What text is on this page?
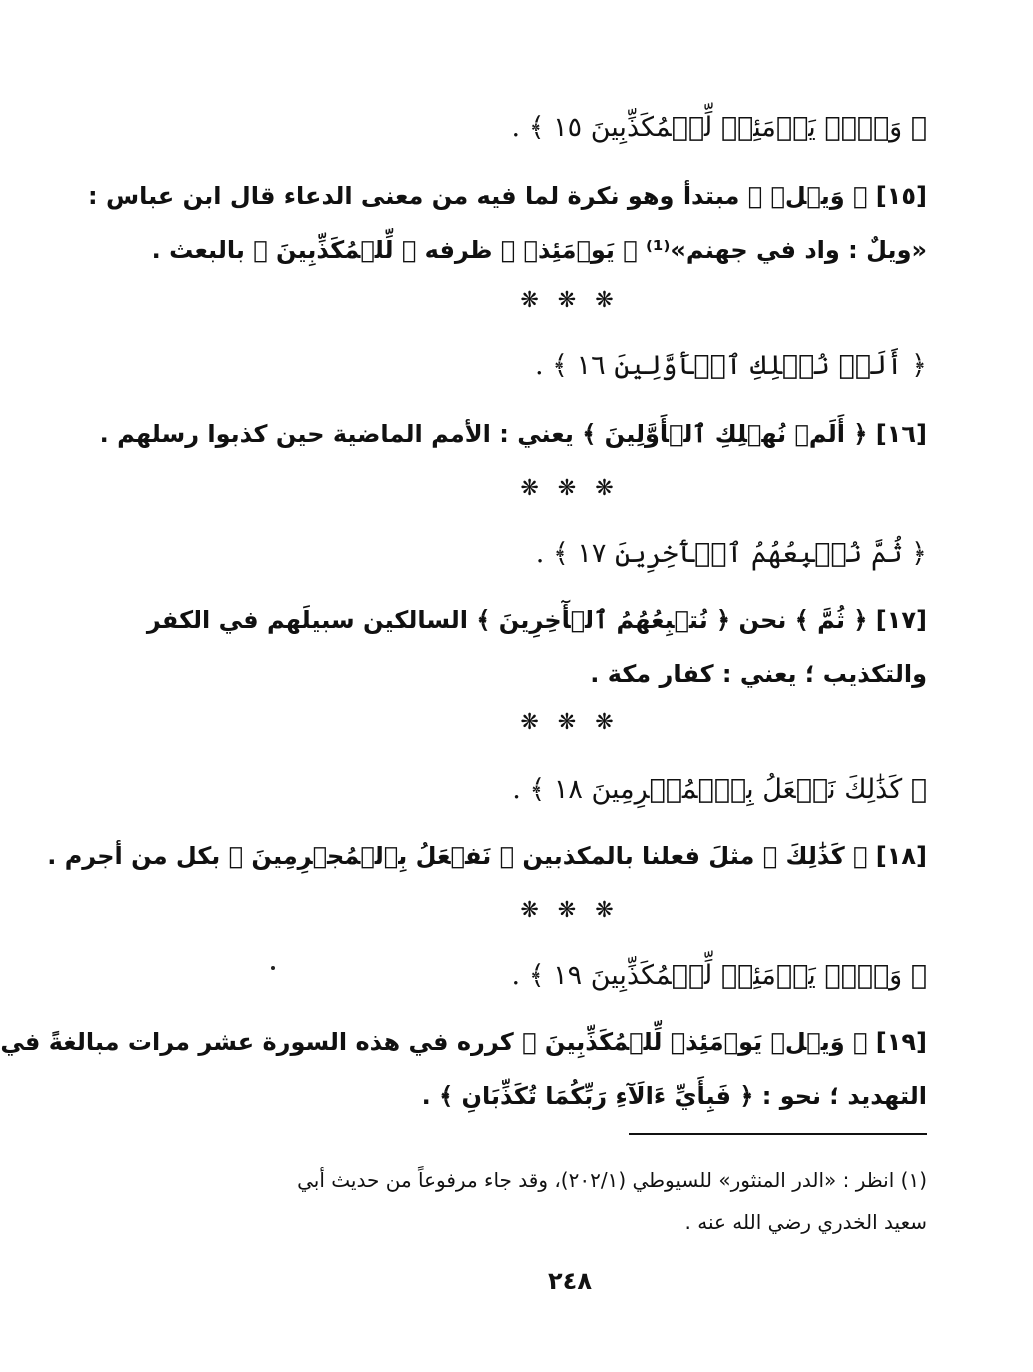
﴿ وَيۡلٞ يَوۡمَئِذٖ لِّلۡمُكَذِّبِينَ ١٥ ﴾ .
[١٥] ﴿ وَيۡلٞ ﴾ مبتدأ وهو نكرة لما فيه من معنى الدعاء قال ابن عباس :
«ويلٌ : واد في جهنم»⁽¹⁾ ﴿ يَوۡمَئِذٖ ﴾ ظرفه ﴿ لِّلۡمُكَذِّبِينَ ﴾ بالبعث .
❋ ❋ ❋
﴿ أَلَمۡ نُهۡلِكِ ٱلۡأَوَّلِينَ ١٦ ﴾ .
[١٦] ﴿ أَلَمۡ نُهۡلِكِ ٱلۡأَوَّلِينَ ﴾ يعني : الأمم الماضية حين كذبوا رسلهم .
❋ ❋ ❋
﴿ ثُمَّ نُتۡبِعُهُمُ ٱلۡأٓخِرِينَ ١٧ ﴾ .
[١٧] ﴿ ثُمَّ ﴾ نحن ﴿ نُتۡبِعُهُمُ ٱلۡأٓخِرِينَ ﴾ السالكين سبيلَهم في الكفر
والتكذيب ؛ يعني : كفار مكة .
❋ ❋ ❋
﴿ كَذَٰلِكَ نَفۡعَلُ بِٱلۡمُجۡرِمِينَ ١٨ ﴾ .
[١٨] ﴿ كَذَٰلِكَ ﴾ مثلَ فعلنا بالمكذبين ﴿ نَفۡعَلُ بِٱلۡمُجۡرِمِينَ ﴾ بكل من أجرم .
❋ ❋ ❋
﴿ وَيۡلٞ يَوۡمَئِذٖ لِّلۡمُكَذِّبِينَ ١٩ ﴾ .
[١٩] ﴿ وَيۡلٞ يَوۡمَئِذٖ لِّلۡمُكَذِّبِينَ ﴾ كرره في هذه السورة عشر مرات مبالغةً في
التهديد ؛ نحو : ﴿ فَبِأَيِّ ءَالَآءِ رَبِّكُمَا تُكَذِّبَانِ ﴾ .
(١) انظر : «الدر المنثور» للسيوطي (٢٠٢/١)، وقد جاء مرفوعاً من حديث أبي
سعيد الخدري رضي الله عنه .
٢٤٨
